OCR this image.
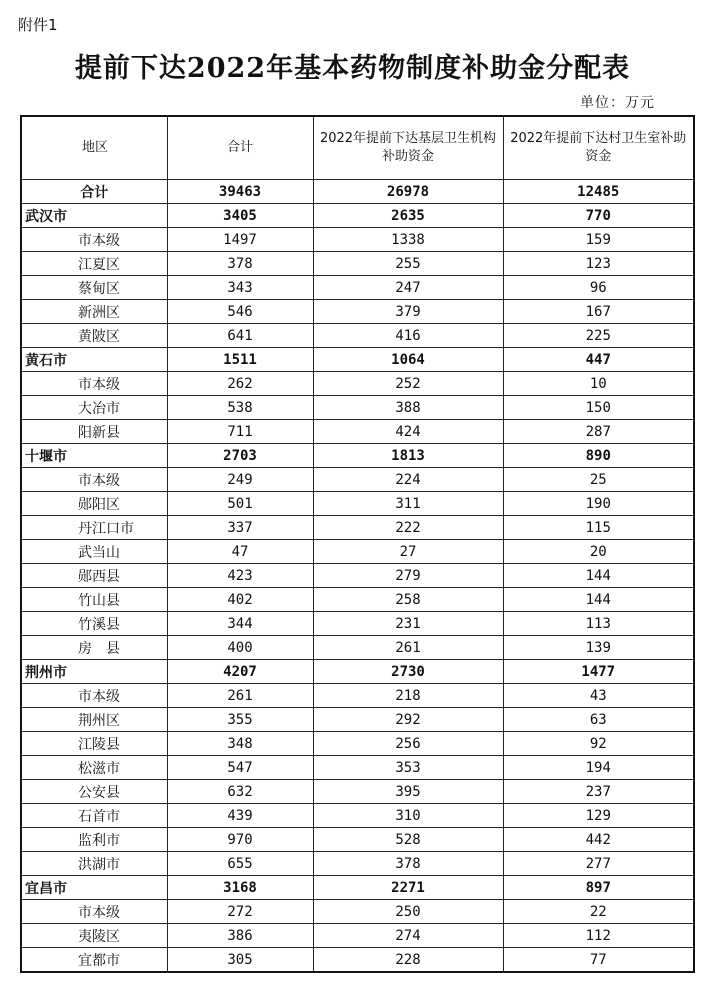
附件1
提前下达2022年基本药物制度补助金分配表
单位：万元
地区	合计	2022年提前下达基层卫生机构补助资金	2022年提前下达村卫生室补助资金
合计	39463	26978	12485
武汉市	3405	2635	770
市本级	1497	1338	159
江夏区	378	255	123
蔡甸区	343	247	96
新洲区	546	379	167
黄陂区	641	416	225
黄石市	1511	1064	447
市本级	262	252	10
大冶市	538	388	150
阳新县	711	424	287
十堰市	2703	1813	890
市本级	249	224	25
郧阳区	501	311	190
丹江口市	337	222	115
武当山	47	27	20
郧西县	423	279	144
竹山县	402	258	144
竹溪县	344	231	113
房　县	400	261	139
荆州市	4207	2730	1477
市本级	261	218	43
荆州区	355	292	63
江陵县	348	256	92
松滋市	547	353	194
公安县	632	395	237
石首市	439	310	129
监利市	970	528	442
洪湖市	655	378	277
宜昌市	3168	2271	897
市本级	272	250	22
夷陵区	386	274	112
宜都市	305	228	77
